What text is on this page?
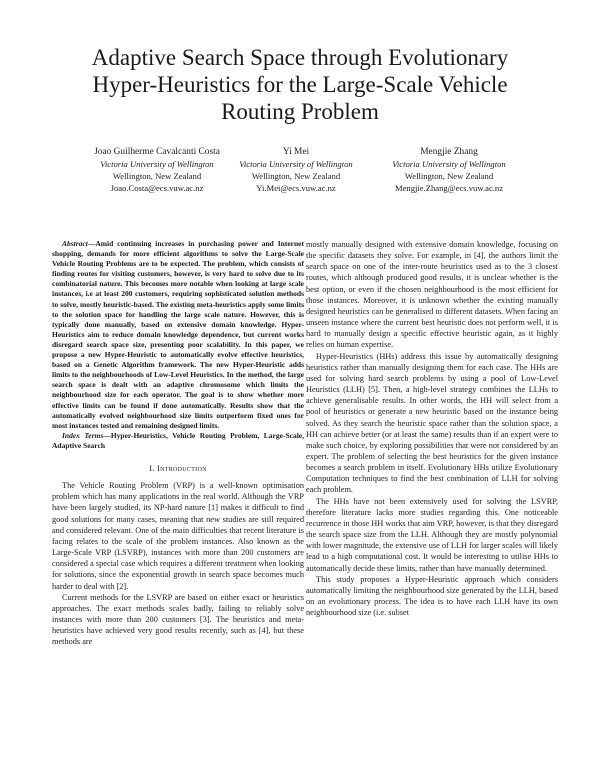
Adaptive Search Space through Evolutionary
Hyper-Heuristics for the Large-Scale Vehicle
Routing Problem
Joao Guilherme Cavalcanti Costa
Victoria University of Wellington
Wellington, New Zealand
Joao.Costa@ecs.vuw.ac.nz
Yi Mei
Victoria University of Wellington
Wellington, New Zealand
Yi.Mei@ecs.vuw.ac.nz
Mengjie Zhang
Victoria University of Wellington
Wellington, New Zealand
Mengjie.Zhang@ecs.vuw.ac.nz

Abstract—Amid continuing increases in purchasing power and Internet shopping, demands for more efficient algorithms to solve the Large-Scale Vehicle Routing Problems are to be expected. The problem, which consists of finding routes for visiting customers, however, is very hard to solve due to its combinatorial nature. This becomes more notable when looking at large scale instances, i.e at least 200 customers, requiring sophisticated solution methods to solve, mostly heuristic-based. The existing meta-heuristics apply some limits to the solution space for handling the large scale nature. However, this is typically done manually, based on extensive domain knowledge. Hyper-Heuristics aim to reduce domain knowledge dependence, but current works disregard search space size, presenting poor scalability. In this paper, we propose a new Hyper-Heuristic to automatically evolve effective heuristics, based on a Genetic Algorithm framework. The new Hyper-Heuristic adds limits to the neighbourhoods of Low-Level Heuristics. In the method, the large search space is dealt with an adaptive chromosome which limits the neighbourhood size for each operator. The goal is to show whether more effective limits can be found if done automatically. Results show that the automatically evolved neighbourhood size limits outperform fixed ones for most instances tested and remaining designed limits.

Index Terms—Hyper-Heuristics, Vehicle Routing Problem, Large-Scale, Adaptive Search

I. Introduction

The Vehicle Routing Problem (VRP) is a well-known optimisation problem which has many applications in the real world. Although the VRP have been largely studied, its NP-hard nature [1] makes it difficult to find good solutions for many cases, meaning that new studies are still required and considered relevant. One of the main difficulties that recent literature is facing relates to the scale of the problem instances. Also known as the Large-Scale VRP (LSVRP), instances with more than 200 customers are considered a special case which requires a different treatment when looking for solutions, since the exponential growth in search space becomes much harder to deal with [2].

Current methods for the LSVRP are based on either exact or heuristics approaches. The exact methods scales badly, failing to reliably solve instances with more than 200 customers [3]. The heuristics and meta-heuristics have achieved very good results recently, such as [4], but these methods are

mostly manually designed with extensive domain knowledge, focusing on the specific datasets they solve. For example, in [4], the authors limit the search space on one of the inter-route heuristics used as to the 3 closest routes, which although produced good results, it is unclear whether is the best option, or even if the chosen neighbourhood is the most efficient for those instances. Moreover, it is unknown whether the existing manually designed heuristics can be generalised to different datasets. When facing an unseen instance where the current best heuristic does not perform well, it is hard to manually design a specific effective heuristic again, as it highly relies on human expertise.

Hyper-Heuristics (HHs) address this issue by automatically designing heuristics rather than manually designing them for each case. The HHs are used for solving hard search problems by using a pool of Low-Level Heuristics (LLH) [5]. Then, a high-level strategy combines the LLHs to achieve generalisable results. In other words, the HH will select from a pool of heuristics or generate a new heuristic based on the instance being solved. As they search the heuristic space rather than the solution space, a HH can achieve better (or at least the same) results than if an expert were to make such choice, by exploring possibilities that were not considered by an expert. The problem of selecting the best heuristics for the given instance becomes a search problem in itself. Evolutionary HHs utilize Evolutionary Computation techniques to find the best combination of LLH for solving each problem.

The HHs have not been extensively used for solving the LSVRP, therefore literature lacks more studies regarding this. One noticeable recurrence in those HH works that aim VRP, however, is that they disregard the search space size from the LLH. Although they are mostly polynomial with lower magnitude, the extensive use of LLH for larger scales will likely lead to a high computational cost. It would be interesting to utilise HHs to automatically decide these limits, rather than have manually determined.

This study proposes a Hyper-Heuristic approach which considers automatically limiting the neighbourhood size generated by the LLH, based on an evolutionary process. The idea is to have each LLH have its own neighbourhood size (i.e. subset
